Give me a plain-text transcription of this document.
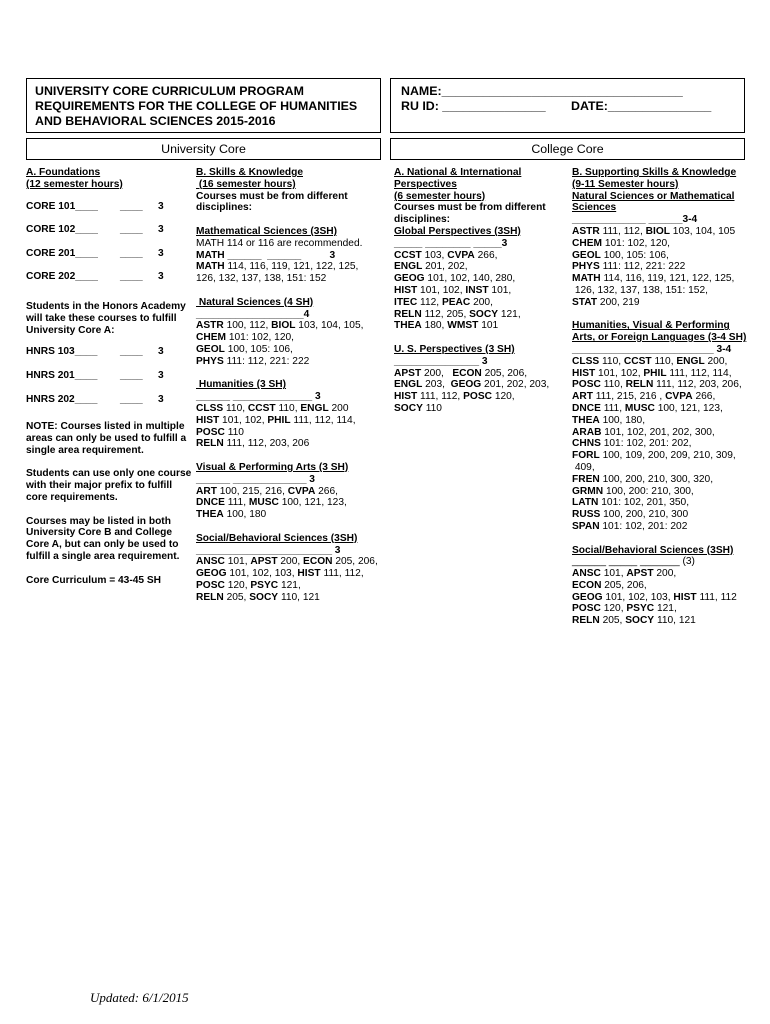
UNIVERSITY CORE CURRICULUM PROGRAM
REQUIREMENTS FOR THE COLLEGE OF HUMANITIES
AND BEHAVIORAL SCIENCES 2015-2016
NAME:___________________________________
RU ID: _______________	DATE:_______________
University Core	College Core
A. Foundations
(12 semester hours)
CORE 101____	____	3
CORE 102____	____	3
CORE 201____	____	3
CORE 202____	____	3
Students in the Honors Academy
will take these courses to fulfill
University Core A:
HNRS 103____	____	3
HNRS 201____	____	3
HNRS 202____	____	3
NOTE: Courses listed in multiple
areas can only be used to fulfill a
single area requirement.
Students can use only one course
with their major prefix to fulfill
core requirements.
Courses may be listed in both
University Core B and College
Core A, but can only be used to
fulfill a single area requirement.
Core Curriculum = 43-45 SH
B. Skills & Knowledge
(16 semester hours)
Courses must be from different
disciplines:
Mathematical Sciences (3SH)
MATH 114 or 116 are recommended.
MATH ______  ______          3
MATH 114, 116, 119, 121, 122, 125,
126, 132, 137, 138, 151: 152
Natural Sciences (4 SH)
___________________4
ASTR 100, 112, BIOL 103, 104, 105,
CHEM 101: 102, 120,
GEOL 100, 105: 106,
PHYS 111: 112, 221: 222
Humanities (3 SH)
______ ______________ 3
CLSS 110, CCST 110, ENGL 200
HIST 101, 102, PHIL 111, 112, 114,
POSC 110
RELN 111, 112, 203, 206
Visual & Performing Arts (3 SH)
______ _____________ 3
ART 100, 215, 216, CVPA 266,
DNCE 111, MUSC 100, 121, 123,
THEA 100, 180
Social/Behavioral Sciences (3SH)
________________________ 3
ANSC 101, APST 200, ECON 205, 206,
GEOG 101, 102, 103, HIST 111, 112,
POSC 120, PSYC 121,
RELN 205, SOCY 110, 121
A. National & International
Perspectives
(6 semester hours)
Courses must be from different
disciplines:
Global Perspectives (3SH)
_____ ________ _____3
CCST 103, CVPA 266,
ENGL 201, 202,
GEOG 101, 102, 140, 280,
HIST 101, 102, INST 101,
ITEC 112, PEAC 200,
RELN 112, 205, SOCY 121,
THEA 180, WMST 101
U. S. Perspectives (3 SH)
_______________ 3
APST 200,   ECON 205, 206,
ENGL 203,  GEOG 201, 202, 203,
HIST 111, 112, POSC 120,
SOCY 110
B. Supporting Skills & Knowledge
(9-11 Semester hours)
Natural Sciences or Mathematical
Sciences
_____________ ______3-4
ASTR 111, 112, BIOL 103, 104, 105
CHEM 101: 102, 120,
GEOL 100, 105: 106,
PHYS 111: 112, 221: 222
MATH 114, 116, 119, 121, 122, 125,
126, 132, 137, 138, 151: 152,
STAT 200, 219
Humanities, Visual & Performing
Arts, or Foreign Languages (3-4 SH)
_________________________ 3-4
CLSS 110, CCST 110, ENGL 200,
HIST 101, 102, PHIL 111, 112, 114,
POSC 110, RELN 111, 112, 203, 206,
ART 111, 215, 216 , CVPA 266,
DNCE 111, MUSC 100, 121, 123,
THEA 100, 180,
ARAB 101, 102, 201, 202, 300,
CHNS 101: 102, 201: 202,
FORL 100, 109, 200, 209, 210, 309,
409,
FREN 100, 200, 210, 300, 320,
GRMN 100, 200: 210, 300,
LATN 101: 102, 201, 350,
RUSS 100, 200, 210, 300
SPAN 101: 102, 201: 202
Social/Behavioral Sciences (3SH)
______ _____ _______ (3)
ANSC 101, APST 200,
ECON 205, 206,
GEOG 101, 102, 103, HIST 111, 112
POSC 120, PSYC 121,
RELN 205, SOCY 110, 121
Updated: 6/1/2015
